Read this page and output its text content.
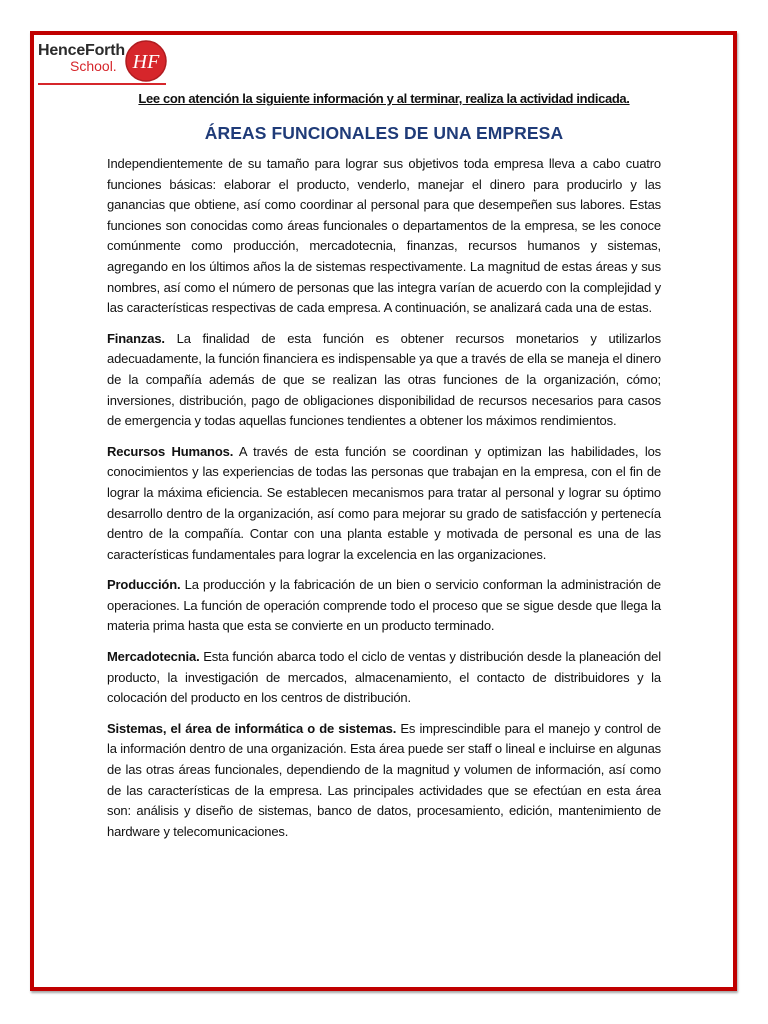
HenceForth
School. HF

Lee con atención la siguiente información y al terminar, realiza la actividad indicada.

ÁREAS FUNCIONALES DE UNA EMPRESA

Independientemente de su tamaño para lograr sus objetivos toda empresa lleva a cabo cuatro funciones básicas: elaborar el producto, venderlo, manejar el dinero para producirlo y las ganancias que obtiene, así como coordinar al personal para que desempeñen sus labores. Estas funciones son conocidas como áreas funcionales o departamentos de la empresa, se les conoce comúnmente como producción, mercadotecnia, finanzas, recursos humanos y sistemas, agregando en los últimos años la de sistemas respectivamente. La magnitud de estas áreas y sus nombres, así como el número de personas que las integra varían de acuerdo con la complejidad y las características respectivas de cada empresa. A continuación, se analizará cada una de estas.

Finanzas. La finalidad de esta función es obtener recursos monetarios y utilizarlos adecuadamente, la función financiera es indispensable ya que a través de ella se maneja el dinero de la compañía además de que se realizan las otras funciones de la organización, cómo; inversiones, distribución, pago de obligaciones disponibilidad de recursos necesarios para casos de emergencia y todas aquellas funciones tendientes a obtener los máximos rendimientos.

Recursos Humanos. A través de esta función se coordinan y optimizan las habilidades, los conocimientos y las experiencias de todas las personas que trabajan en la empresa, con el fin de lograr la máxima eficiencia. Se establecen mecanismos para tratar al personal y lograr su óptimo desarrollo dentro de la organización, así como para mejorar su grado de satisfacción y pertenecía dentro de la compañía. Contar con una planta estable y motivada de personal es una de las características fundamentales para lograr la excelencia en las organizaciones.

Producción. La producción y la fabricación de un bien o servicio conforman la administración de operaciones. La función de operación comprende todo el proceso que se sigue desde que llega la materia prima hasta que esta se convierte en un producto terminado.

Mercadotecnia. Esta función abarca todo el ciclo de ventas y distribución desde la planeación del producto, la investigación de mercados, almacenamiento, el contacto de distribuidores y la colocación del producto en los centros de distribución.

Sistemas, el área de informática o de sistemas. Es imprescindible para el manejo y control de la información dentro de una organización. Esta área puede ser staff o lineal e incluirse en algunas de las otras áreas funcionales, dependiendo de la magnitud y volumen de información, así como de las características de la empresa. Las principales actividades que se efectúan en esta área son: análisis y diseño de sistemas, banco de datos, procesamiento, edición, mantenimiento de hardware y telecomunicaciones.
